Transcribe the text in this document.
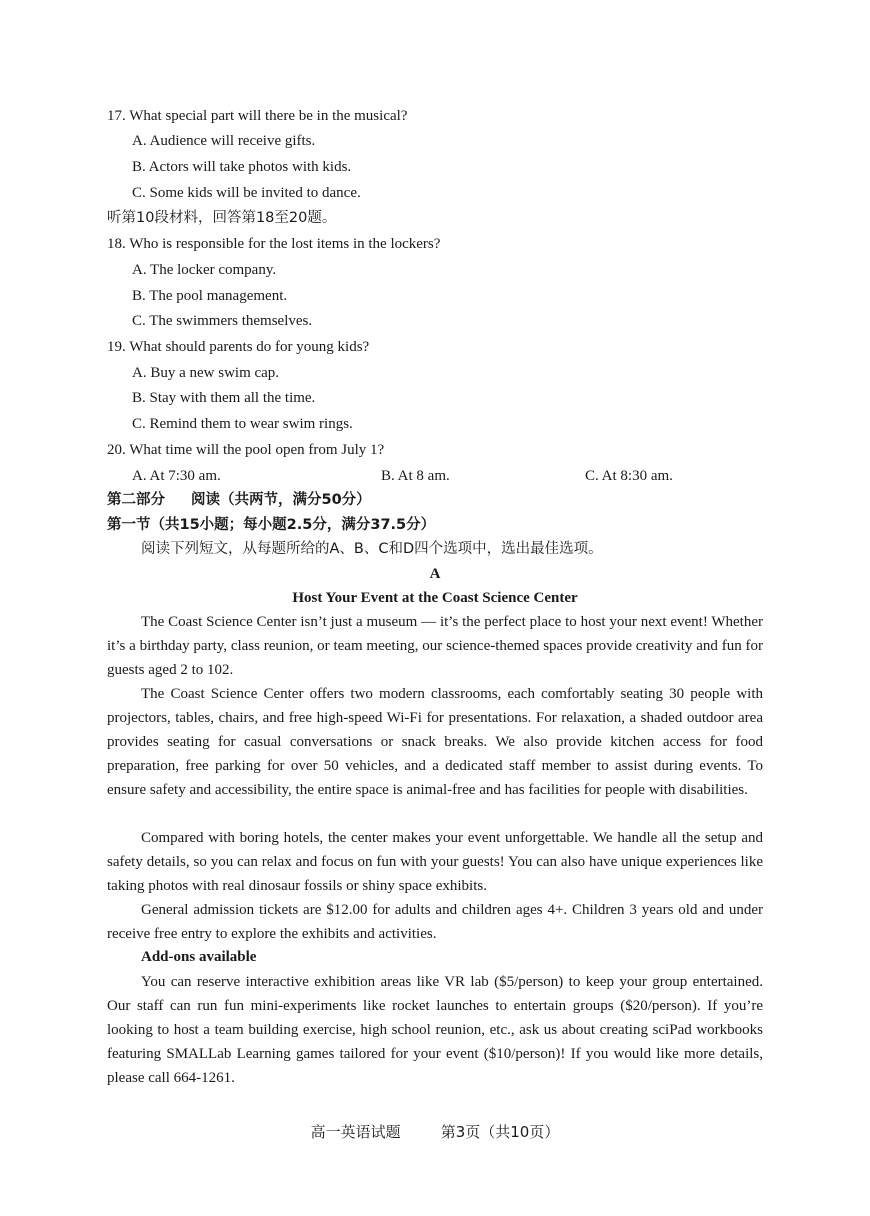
17. What special part will there be in the musical?
A. Audience will receive gifts.
B. Actors will take photos with kids.
C. Some kids will be invited to dance.
听第10段材料，回答第18至20题。
18. Who is responsible for the lost items in the lockers?
A. The locker company.
B. The pool management.
C. The swimmers themselves.
19. What should parents do for young kids?
A. Buy a new swim cap.
B. Stay with them all the time.
C. Remind them to wear swim rings.
20. What time will the pool open from July 1?
A. At 7:30 am.	B. At 8 am.	C. At 8:30 am.
第二部分 阅读（共两节，满分50分）
第一节（共15小题；每小题2.5分，满分37.5分）
阅读下列短文，从每题所给的A、B、C和D四个选项中，选出最佳选项。
A
Host Your Event at the Coast Science Center
The Coast Science Center isn’t just a museum — it’s the perfect place to host your next event! Whether it’s a birthday party, class reunion, or team meeting, our science-themed spaces provide creativity and fun for guests aged 2 to 102.
The Coast Science Center offers two modern classrooms, each comfortably seating 30 people with projectors, tables, chairs, and free high-speed Wi-Fi for presentations. For relaxation, a shaded outdoor area provides seating for casual conversations or snack breaks. We also provide kitchen access for food preparation, free parking for over 50 vehicles, and a dedicated staff member to assist during events. To ensure safety and accessibility, the entire space is animal-free and has facilities for people with disabilities.
Compared with boring hotels, the center makes your event unforgettable. We handle all the setup and safety details, so you can relax and focus on fun with your guests! You can also have unique experiences like taking photos with real dinosaur fossils or shiny space exhibits.
General admission tickets are $12.00 for adults and children ages 4+. Children 3 years old and under receive free entry to explore the exhibits and activities.
Add-ons available
You can reserve interactive exhibition areas like VR lab ($5/person) to keep your group entertained. Our staff can run fun mini-experiments like rocket launches to entertain groups ($20/person). If you’re looking to host a team building exercise, high school reunion, etc., ask us about creating sciPad workbooks featuring SMALLab Learning games tailored for your event ($10/person)! If you would like more details, please call 664-1261.
高一英语试题	第3页（共10页）
